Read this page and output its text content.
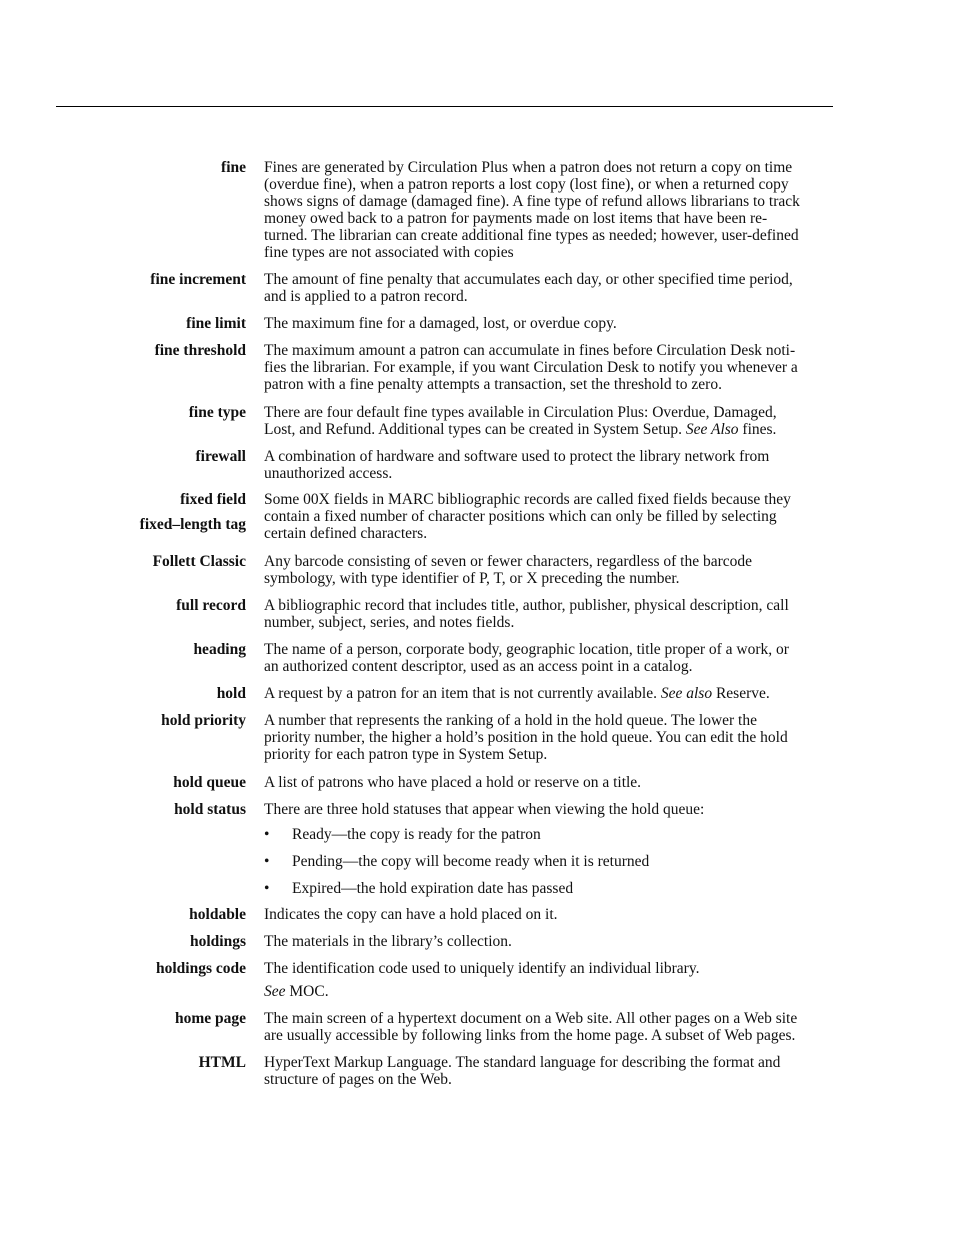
fine Fines are generated by Circulation Plus when a patron does not return a copy on time
(overdue fine), when a patron reports a lost copy (lost fine), or when a returned copy
shows signs of damage (damaged fine). A fine type of refund allows librarians to track
money owed back to a patron for payments made on lost items that have been re-
turned. The librarian can create additional fine types as needed; however, user-defined
fine types are not associated with copies
fine increment The amount of fine penalty that accumulates each day, or other specified time period,
and is applied to a patron record.
fine limit The maximum fine for a damaged, lost, or overdue copy.
fine threshold The maximum amount a patron can accumulate in fines before Circulation Desk noti-
fies the librarian. For example, if you want Circulation Desk to notify you whenever a
patron with a fine penalty attempts a transaction, set the threshold to zero.
fine type There are four default fine types available in Circulation Plus: Overdue, Damaged,
Lost, and Refund. Additional types can be created in System Setup. See Also fines.
firewall A combination of hardware and software used to protect the library network from
unauthorized access.
fixed field
fixed–length tag
Some 00X fields in MARC bibliographic records are called fixed fields because they
contain a fixed number of character positions which can only be filled by selecting
certain defined characters.
Follett Classic Any barcode consisting of seven or fewer characters, regardless of the barcode
symbology, with type identifier of P, T, or X preceding the number.
full record A bibliographic record that includes title, author, publisher, physical description, call
number, subject, series, and notes fields.
heading The name of a person, corporate body, geographic location, title proper of a work, or
an authorized content descriptor, used as an access point in a catalog.
hold A request by a patron for an item that is not currently available. See also Reserve.
hold priority A number that represents the ranking of a hold in the hold queue. The lower the
priority number, the higher a hold’s position in the hold queue. You can edit the hold
priority for each patron type in System Setup.
hold queue A list of patrons who have placed a hold or reserve on a title.
hold status There are three hold statuses that appear when viewing the hold queue:
• Ready—the copy is ready for the patron
• Pending—the copy will become ready when it is returned
• Expired—the hold expiration date has passed
holdable Indicates the copy can have a hold placed on it.
holdings The materials in the library’s collection.
holdings code The identification code used to uniquely identify an individual library.
See MOC.
home page The main screen of a hypertext document on a Web site. All other pages on a Web site
are usually accessible by following links from the home page. A subset of Web pages.
HTML HyperText Markup Language. The standard language for describing the format and
structure of pages on the Web.
